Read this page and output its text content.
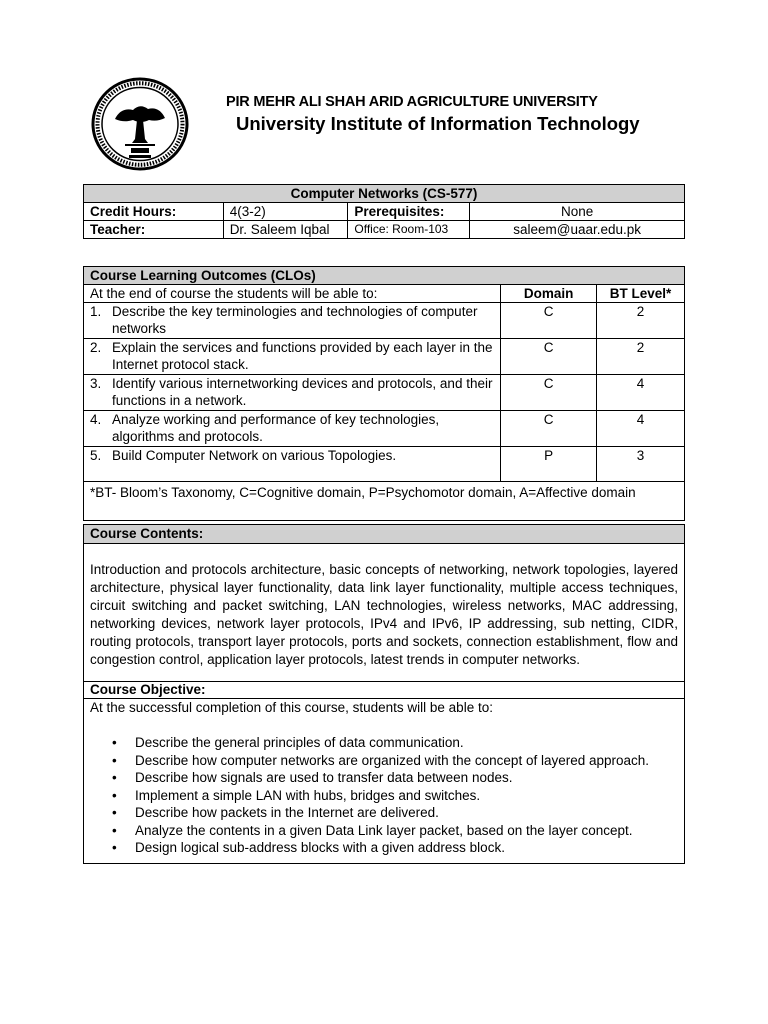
PIR MEHR ALI SHAH ARID AGRICULTURE UNIVERSITY
University Institute of Information Technology
Computer Networks (CS-577)			
Credit Hours:	4(3-2)	Prerequisites:	None
Teacher:	Dr. Saleem Iqbal	Office: Room-103	saleem@uaar.edu.pk
Course Learning Outcomes (CLOs)		
At the end of course the students will be able to:	Domain	BT Level*

1. Describe the key terminologies and technologies of computer networks	C	2

2. Explain the services and functions provided by each layer in the Internet protocol stack.	C	2

3. Identify various internetworking devices and protocols, and their functions in a network.	C	4

4. Analyze working and performance of key technologies, algorithms and protocols.	C	4

5. Build Computer Network on various Topologies.	P	3
*BT- Bloom’s Taxonomy, C=Cognitive domain, P=Psychomotor domain, A=Affective domain		
Course Contents:
Introduction and protocols architecture, basic concepts of networking, network topologies, layered architecture, physical layer functionality, data link layer functionality, multiple access techniques, circuit switching and packet switching, LAN technologies, wireless networks, MAC addressing, networking devices, network layer protocols, IPv4 and IPv6, IP addressing, sub netting, CIDR, routing protocols, transport layer protocols, ports and sockets, connection establishment, flow and congestion control, application layer protocols, latest trends in computer networks.
Course Objective:

At the successful completion of this course, students will be able to:
• Describe the general principles of data communication.
• Describe how computer networks are organized with the concept of layered approach.
• Describe how signals are used to transfer data between nodes.
• Implement a simple LAN with hubs, bridges and switches.
• Describe how packets in the Internet are delivered.
• Analyze the contents in a given Data Link layer packet, based on the layer concept.
• Design logical sub-address blocks with a given address block.
